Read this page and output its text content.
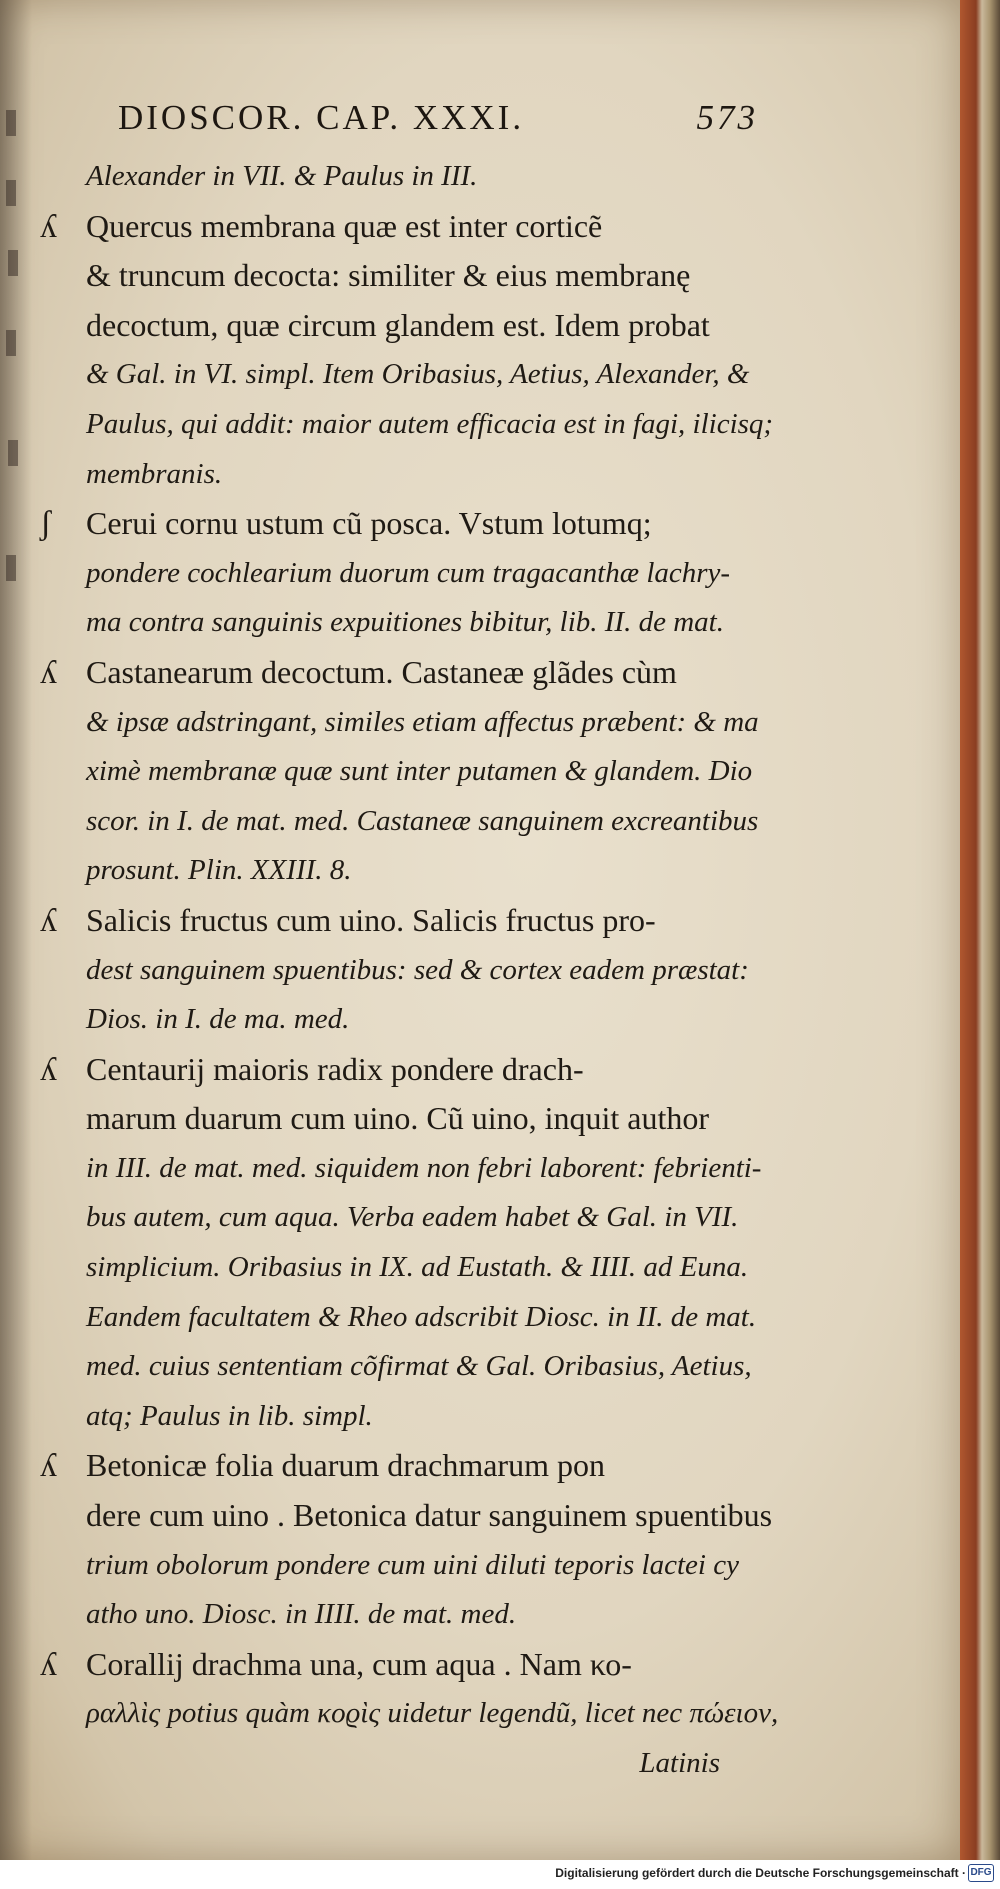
DIOSCOR. CAP. XXXI.	573
Alexander in VII. & Paulus in III.
ʎ Quercus membrana quæ est inter corticẽ
& truncum decocta: similiter & eius membranę
decoctum, quæ circum glandem est. Idem probat
& Gal. in VI. simpl. Item Oribasius, Aetius, Alexander, &
Paulus, qui addit: maior autem efficacia est in fagi, ilicisq;
membranis.
ʃ Cerui cornu ustum cũ posca. Vstum lotumq;
pondere cochlearium duorum cum tragacanthæ lachry-
ma contra sanguinis expuitiones bibitur, lib. II. de mat.
ʎ Castanearum decoctum. Castaneæ glãdes cùm
& ipsæ adstringant, similes etiam affectus præbent: & ma
ximè membranæ quæ sunt inter putamen & glandem. Dio
scor. in I. de mat. med. Castaneæ sanguinem excreantibus
prosunt. Plin. XXIII. 8.
ʎ Salicis fructus cum uino. Salicis fructus pro-
dest sanguinem spuentibus: sed & cortex eadem præstat:
Dios. in I. de ma. med.
ʎ Centaurij maioris radix pondere drach-
marum duarum cum uino. Cũ uino, inquit author
in III. de mat. med. siquidem non febri laborent: febrienti-
bus autem, cum aqua. Verba eadem habet & Gal. in VII.
simplicium. Oribasius in IX. ad Eustath. & IIII. ad Euna.
Eandem facultatem & Rheo adscribit Diosc. in II. de mat.
med. cuius sententiam cõfirmat & Gal. Oribasius, Aetius,
atq; Paulus in lib. simpl.
ʎ Betonicæ folia duarum drachmarum pon
dere cum uino . Betonica datur sanguinem spuentibus
trium obolorum pondere cum uini diluti teporis lactei cy
atho uno. Diosc. in IIII. de mat. med.
ʎ Corallij drachma una, cum aqua . Nam κο-
ραλλὶς potius quàm κοϱὶς uidetur legendũ, licet nec πώειον,
Latinis
Digitalisierung gefördert durch die Deutsche Forschungsgemeinschaft · DFG
